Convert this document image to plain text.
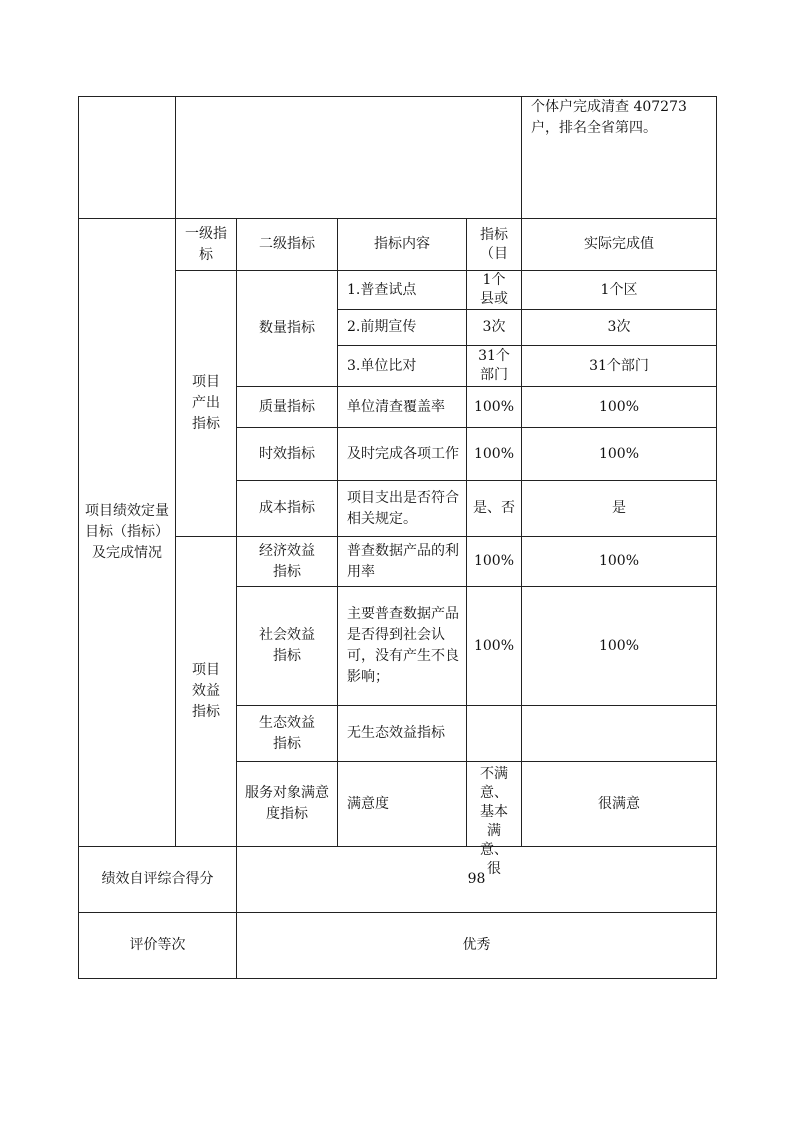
					个体户完成清查 407273 户，排名全省第四。
项目绩效定量目标（指标）及完成情况	一级指标	二级指标	指标内容	指标（目	实际完成值
	项目产出指标	数量指标	1.普查试点	1个县或	1个区
			2.前期宣传	3次	3次
			3.单位比对	31个部门	31个部门
		质量指标	单位清查覆盖率	100%	100%
		时效指标	及时完成各项工作	100%	100%
		成本指标	项目支出是否符合相关规定。	是、否	是
	项目效益指标	经济效益指标	普查数据产品的利用率	100%	100%
		社会效益指标	主要普查数据产品是否得到社会认可，没有产生不良影响；	100%	100%
		生态效益指标	无生态效益指标		
		服务对象满意度指标	满意度	不满意、基本满意、很	很满意
绩效自评综合得分		98			
评价等次		优秀			
